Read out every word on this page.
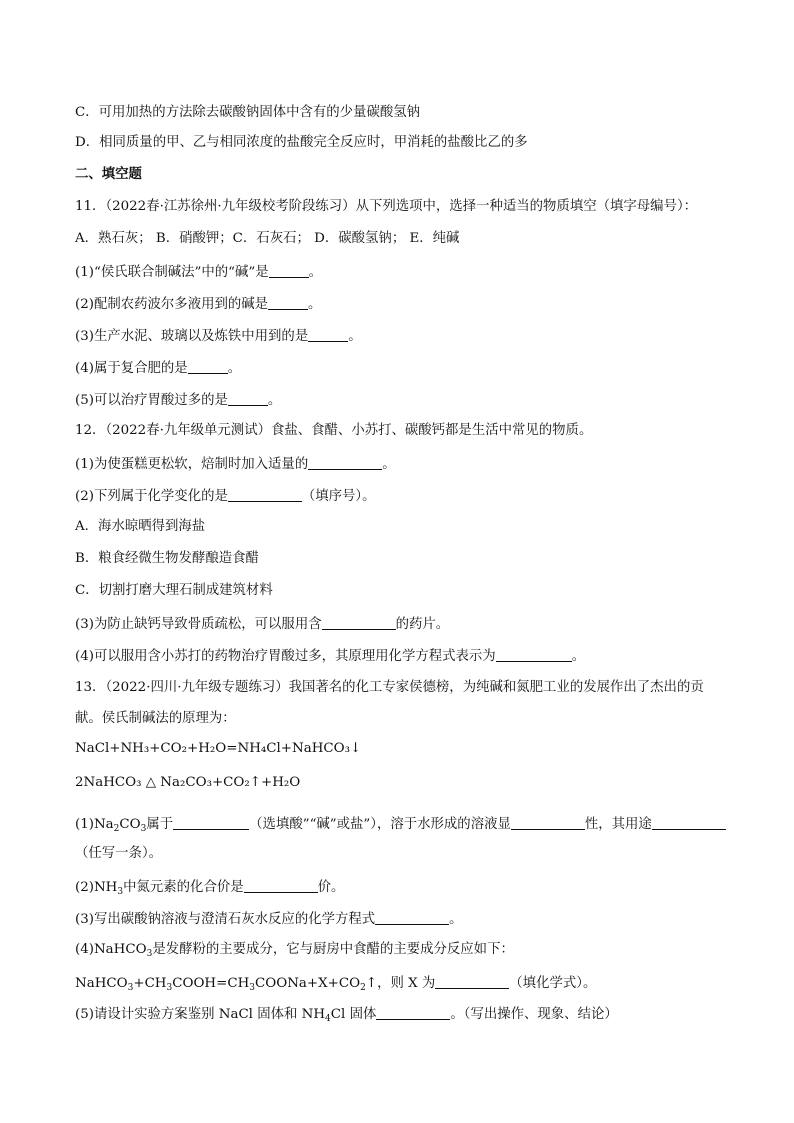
C．可用加热的方法除去碳酸钠固体中含有的少量碳酸氢钠
D．相同质量的甲、乙与相同浓度的盐酸完全反应时，甲消耗的盐酸比乙的多
二、填空题
11．（2022春·江苏徐州·九年级校考阶段练习）从下列选项中，选择一种适当的物质填空（填字母编号）：
A．熟石灰； B．硝酸钾；C．石灰石； D．碳酸氢钠； E．纯碱
(1)“侯氏联合制碱法”中的“碱”是	。
(2)配制农药波尔多液用到的碱是	。
(3)生产水泥、玻璃以及炼铁中用到的是	。
(4)属于复合肥的是	。
(5)可以治疗胃酸过多的是	。
12．（2022春·九年级单元测试）食盐、食醋、小苏打、碳酸钙都是生活中常见的物质。
(1)为使蛋糕更松软，焙制时加入适量的	。
(2)下列属于化学变化的是	（填序号）。
A．海水晾晒得到海盐
B．粮食经微生物发酵酿造食醋
C．切割打磨大理石制成建筑材料
(3)为防止缺钙导致骨质疏松，可以服用含	的药片。
(4)可以服用含小苏打的药物治疗胃酸过多，其原理用化学方程式表示为	。
13．（2022·四川·九年级专题练习）我国著名的化工专家侯德榜，为纯碱和氮肥工业的发展作出了杰出的贡献。侯氏制碱法的原理为：
NaCl+NH₃+CO₂+H₂O=NH₄Cl+NaHCO₃↓
2NaHCO₃ △ Na₂CO₃+CO₂↑+H₂O
$(1)Na_2CO_3$属于	（选填酸”“碱”或盐”），溶于水形成的溶液显	性，其用途
（任写一条）。
$(2)NH_3$中氮元素的化合价是	价。
(3)写出碳酸钠溶液与澄清石灰水反应的化学方程式	。
(4)NaHCO$_3$是发酵粉的主要成分，它与厨房中食醋的主要成分反应如下：
$NaHCO_3+CH_3COOH=CH_3COONa+X+CO_2↑$，则 X 为	（填化学式）。
(5)请设计实验方案鉴别 NaCl 固体和 $NH_4Cl$ 固体	。（写出操作、现象、结论）
